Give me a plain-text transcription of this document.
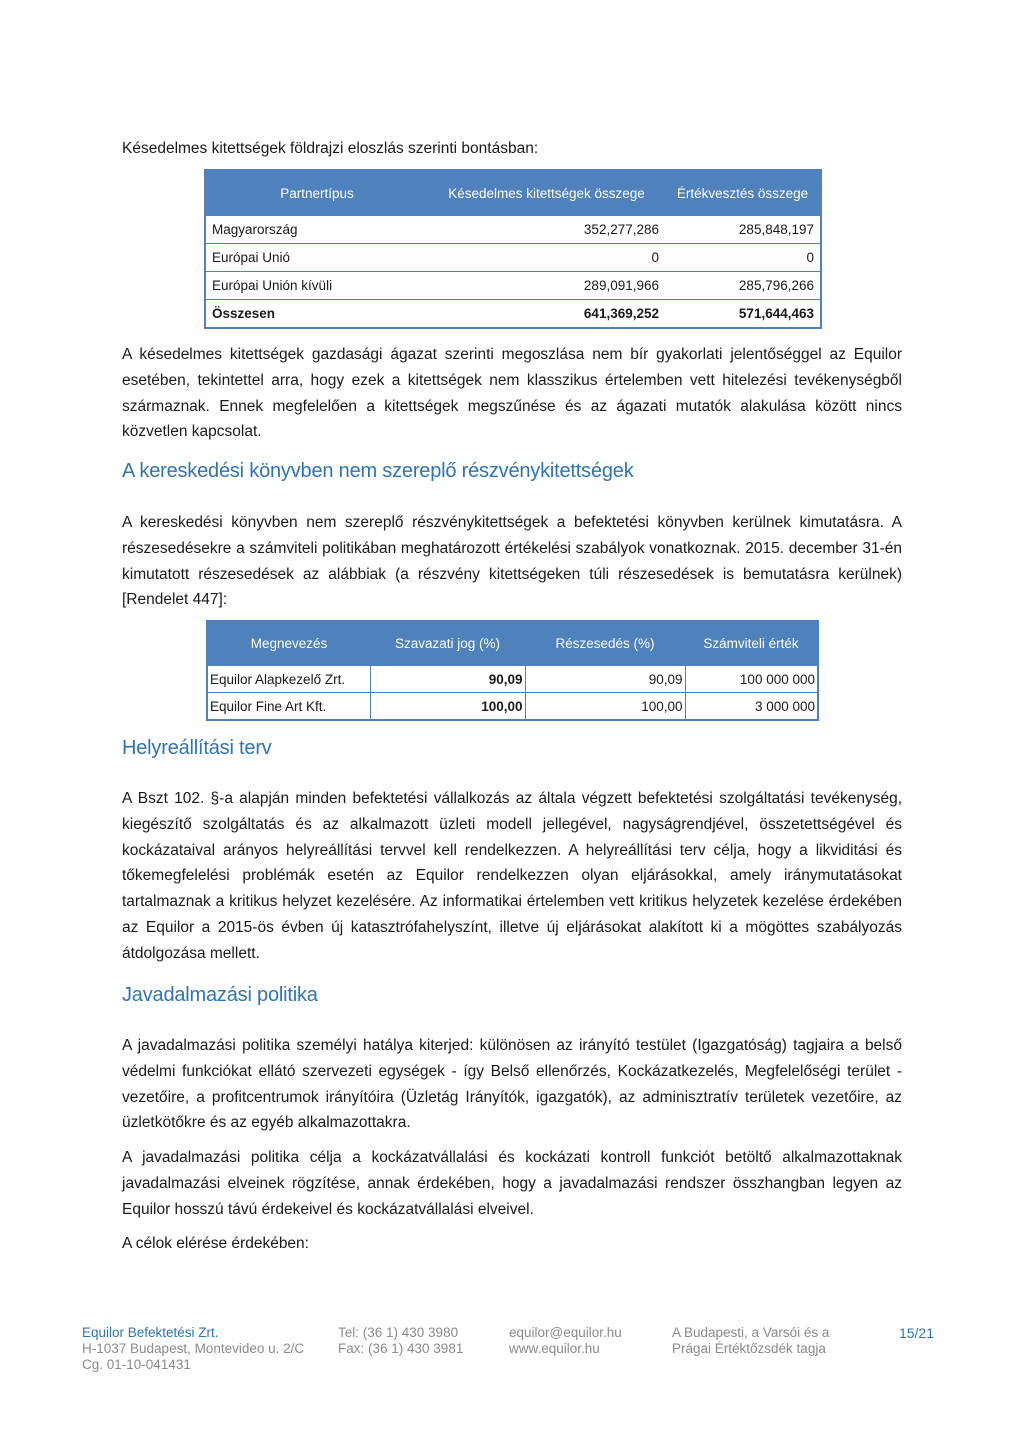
Késedelmes kitettségek földrajzi eloszlás szerinti bontásban:

Partnertípus	Késedelmes kitettségek összege	Értékvesztés összege
Magyarország	352,277,286	285,848,197
Európai Unió	0	0
Európai Unión kívüli	289,091,966	285,796,266
Összesen	641,369,252	571,644,463

A késedelmes kitettségek gazdasági ágazat szerinti megoszlása nem bír gyakorlati jelentőséggel az Equilor esetében, tekintettel arra, hogy ezek a kitettségek nem klasszikus értelemben vett hitelezési tevékenységből származnak. Ennek megfelelően a kitettségek megszűnése és az ágazati mutatók alakulása között nincs közvetlen kapcsolat.

A kereskedési könyvben nem szereplő részvénykitettségek

A kereskedési könyvben nem szereplő részvénykitettségek a befektetési könyvben kerülnek kimutatásra. A részesedésekre a számviteli politikában meghatározott értékelési szabályok vonatkoznak. 2015. december 31-én kimutatott részesedések az alábbiak (a részvény kitettségeken túli részesedések is bemutatásra kerülnek) [Rendelet 447]:

Megnevezés	Szavazati jog (%)	Részesedés (%)	Számviteli érték
Equilor Alapkezelő Zrt.	90,09	90,09	100 000 000
Equilor Fine Art Kft.	100,00	100,00	3 000 000
Helyreállítási terv

A Bszt 102. §-a alapján minden befektetési vállalkozás az általa végzett befektetési szolgáltatási tevékenység, kiegészítő szolgáltatás és az alkalmazott üzleti modell jellegével, nagyságrendjével, összetettségével és kockázataival arányos helyreállítási tervvel kell rendelkezzen. A helyreállítási terv célja, hogy a likviditási és tőkemegfelelési problémák esetén az Equilor rendelkezzen olyan eljárásokkal, amely iránymutatásokat tartalmaznak a kritikus helyzet kezelésére. Az informatikai értelemben vett kritikus helyzetek kezelése érdekében az Equilor a 2015-ös évben új katasztrófahelyszínt, illetve új eljárásokat alakított ki a mögöttes szabályozás átdolgozása mellett.

Javadalmazási politika

A javadalmazási politika személyi hatálya kiterjed: különösen az irányító testület (Igazgatóság) tagjaira a belső védelmi funkciókat ellátó szervezeti egységek - így Belső ellenőrzés, Kockázatkezelés, Megfelelőségi terület - vezetőire, a profitcentrumok irányítóira (Üzletág Irányítók, igazgatók), az adminisztratív területek vezetőire, az üzletkötőkre és az egyéb alkalmazottakra.

A javadalmazási politika célja a kockázatvállalási és kockázati kontroll funkciót betöltő alkalmazottaknak javadalmazási elveinek rögzítése, annak érdekében, hogy a javadalmazási rendszer összhangban legyen az Equilor hosszú távú érdekeivel és kockázatvállalási elveivel.

A célok elérése érdekében:

Equilor Befektetési Zrt.
H-1037 Budapest, Montevideo u. 2/C
Cg. 01-10-041431
Tel: (36 1) 430 3980
Fax: (36 1) 430 3981
equilor@equilor.hu
www.equilor.hu
A Budapesti, a Varsói és a
Prágai Értéktőzsdék tagja
15/21
